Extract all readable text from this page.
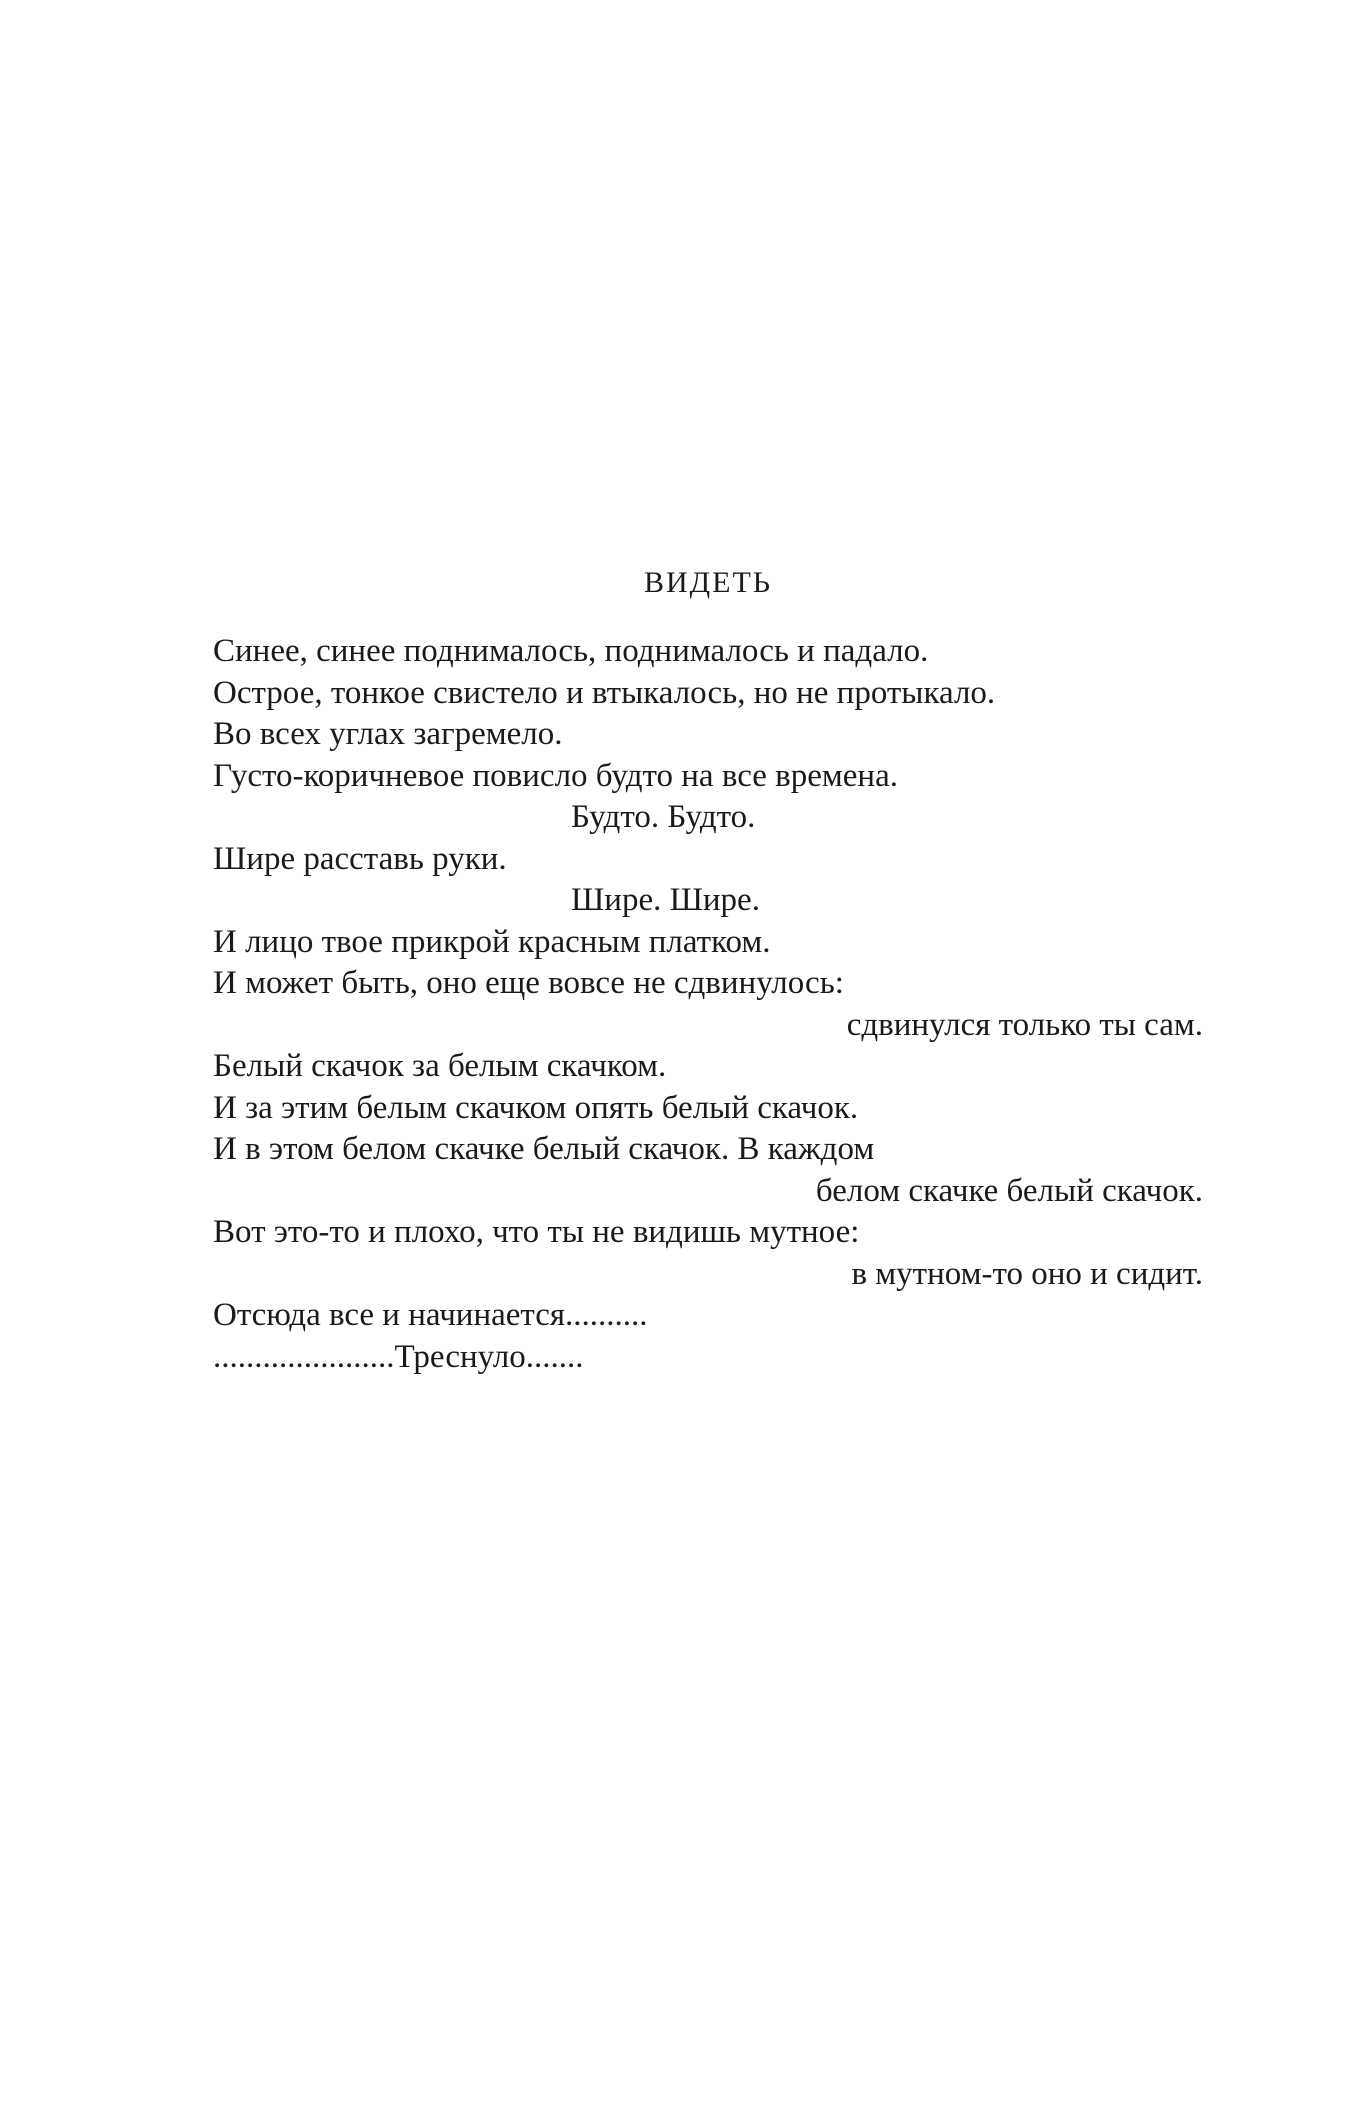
ВИДЕТЬ
Синее, синее поднималось, поднималось и падало.
Острое, тонкое свистело и втыкалось, но не протыкало.
Во всех углах загремело.
Густо-коричневое повисло будто на все времена.
Будто. Будто.
Шире расставь руки.
Шире. Шире.
И лицо твое прикрой красным платком.
И может быть, оно еще вовсе не сдвинулось:
сдвинулся только ты сам.
Белый скачок за белым скачком.
И за этим белым скачком опять белый скачок.
И в этом белом скачке белый скачок. В каждом
белом скачке белый скачок.
Вот это-то и плохо, что ты не видишь мутное:
в мутном-то оно и сидит.
Отсюда все и начинается..........
......................Треснуло.......
